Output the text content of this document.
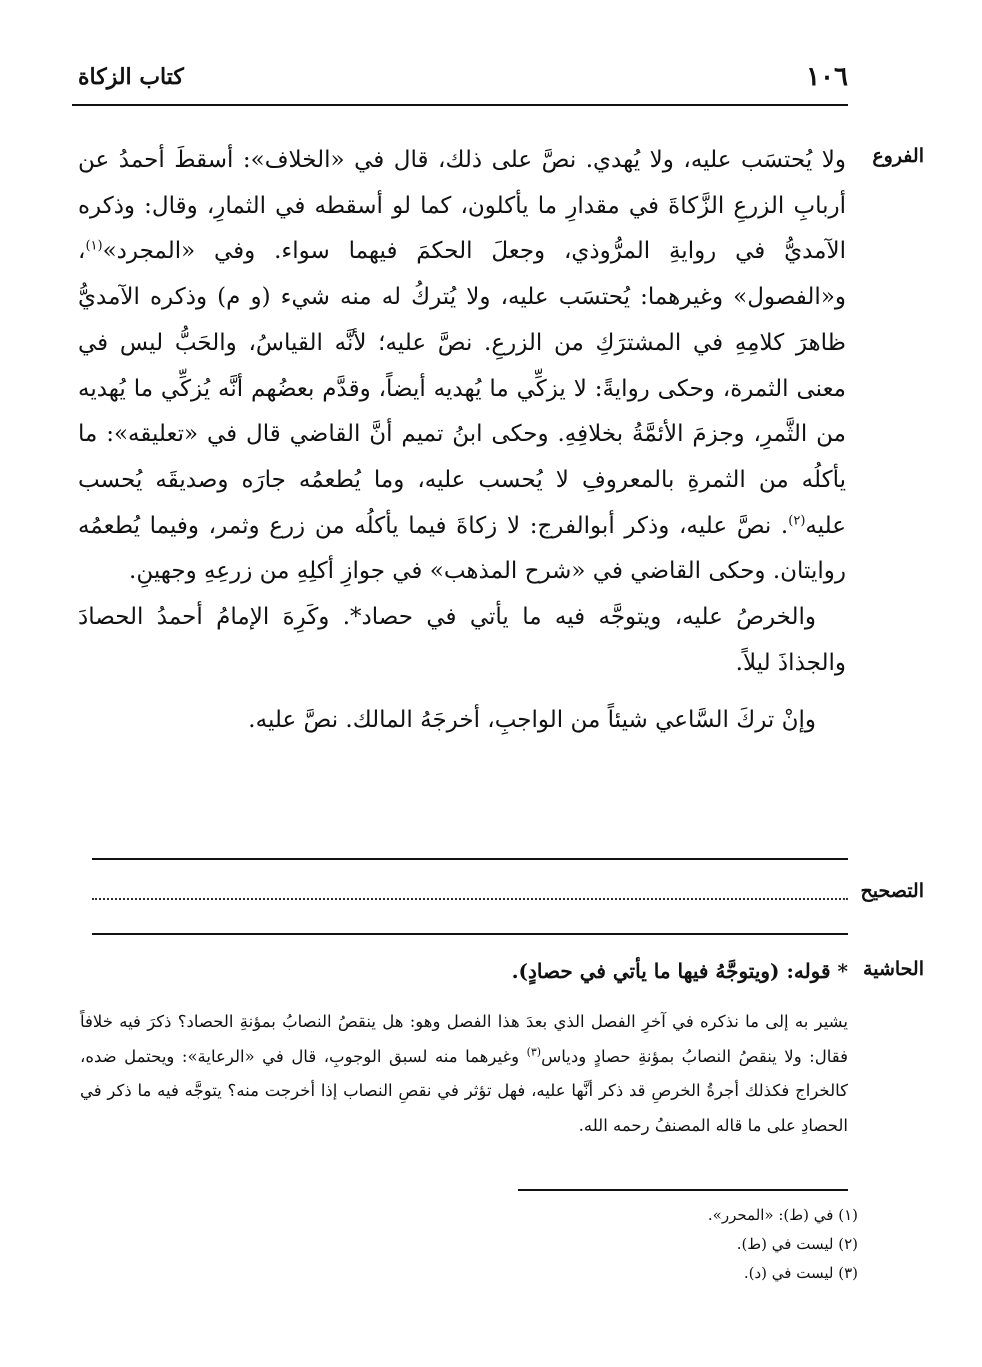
١٠٦
كتاب الزكاة
الفروع

ولا يُحتسَب عليه، ولا يُهدي. نصَّ على ذلك، قال في «الخلاف»: أسقطَ أحمدُ عن أربابِ الزرعِ الزَّكاةَ في مقدارِ ما يأكلون، كما لو أسقطه في الثمارِ، وقال: وذكره الآمديُّ في روايةِ المرُّوذي، وجعلَ الحكمَ فيهما سواء. وفي «المجرد»$^{(١)}$، و«الفصول» وغيرهما: يُحتسَب عليه، ولا يُتركُ له منه شيء (و م) وذكره الآمديُّ ظاهرَ كلامِهِ في المشترَكِ من الزرعِ. نصَّ عليه؛ لأنَّه القياسُ، والحَبُّ ليس في معنى الثمرة، وحكى روايةً: لا يزكِّي ما يُهديه أيضاً، وقدَّم بعضُهم أنَّه يُزكِّي ما يُهديه من الثَّمرِ، وجزمَ الأئمَّةُ بخلافِهِ. وحكى ابنُ تميم أنَّ القاضي قال في «تعليقه»: ما يأكلُه من الثمرةِ بالمعروفِ لا يُحسب عليه، وما يُطعمُه جارَه وصديقَه يُحسب عليه$^{(٢)}$. نصَّ عليه، وذكر أبوالفرج: لا زكاةَ فيما يأكلُه من زرع وثمر، وفيما يُطعمُه روايتان. وحكى القاضي في «شرح المذهب» في جوازِ أكلِهِ من زرعِهِ وجهينِ.

والخرصُ عليه، ويتوجَّه فيه ما يأتي في حصاد*. وكَرِهَ الإمامُ أحمدُ الحصادَ والجذاذَ ليلاً.

وإنْ تركَ السَّاعي شيئاً من الواجبِ، أخرجَهُ المالك. نصَّ عليه.

التصحيح
الحاشية
* قوله: (ويتوجَّهُ فيها ما يأتي في حصادٍ).
يشير به إلى ما نذكره في آخرِ الفصل الذي بعدَ هذا الفصل وهو: هل ينقصُ النصابُ بمؤنةِ الحصاد؟ ذكرَ فيه خلافاً فقال: ولا ينقصُ النصابُ بمؤنةِ حصادٍ ودياس$^{(٣)}$ وغيرهما منه لسبق الوجوبِ، قال في «الرعاية»: ويحتمل ضده، كالخراج فكذلك أجرةُ الخرصِ قد ذكر أنَّها عليه، فهل تؤثر في نقصِ النصاب إذا أخرجت منه؟ يتوجَّه فيه ما ذكر في الحصادِ على ما قاله المصنفُ رحمه الله.
(١) في (ط): «المحرر».
(٢) ليست في (ط).
(٣) ليست في (د).
